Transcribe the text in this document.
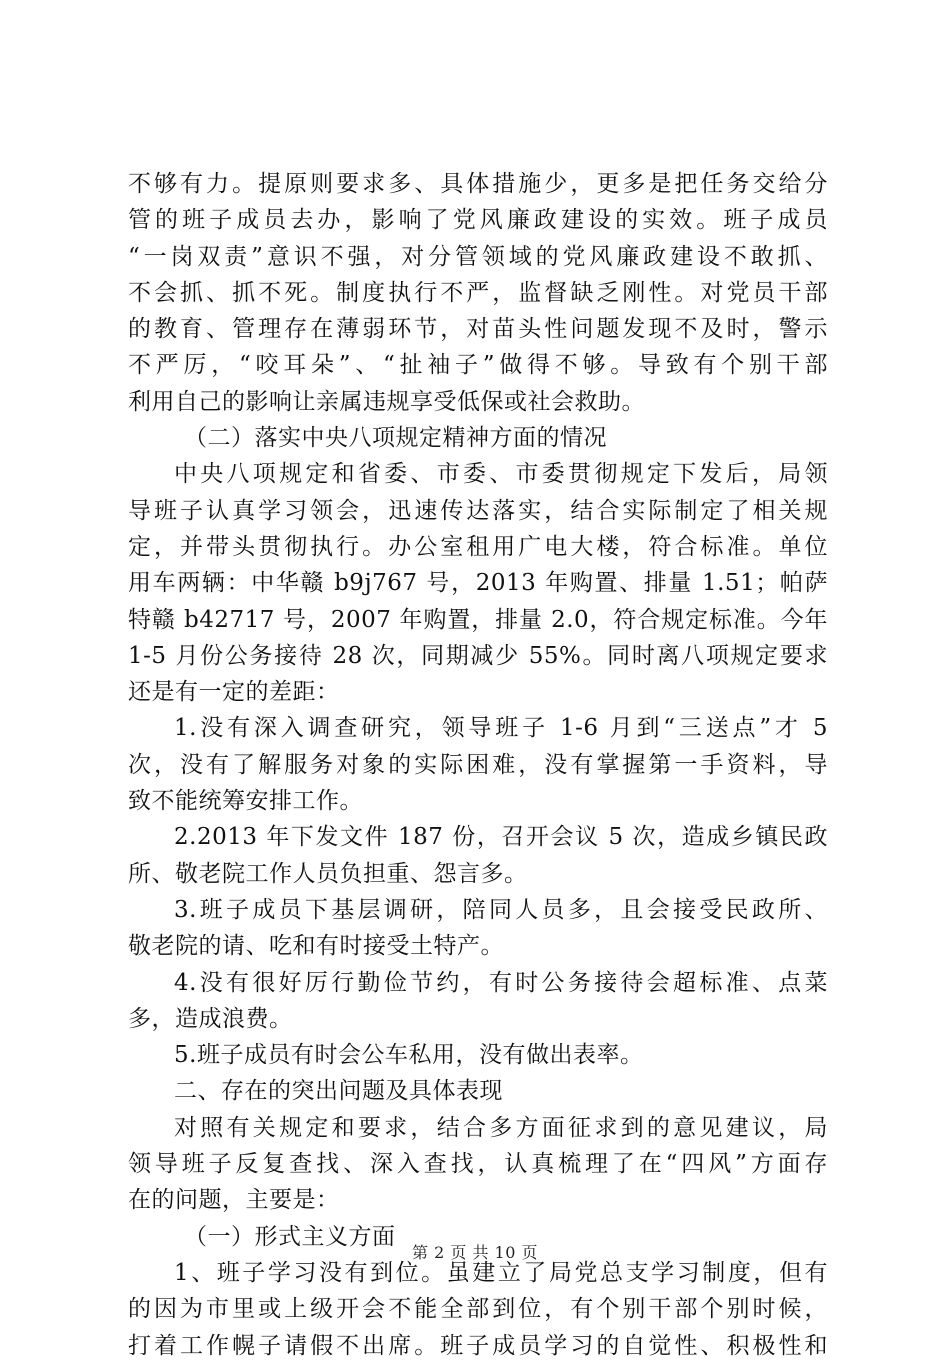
不够有力。提原则要求多、具体措施少，更多是把任务交给分
管的班子成员去办，影响了党风廉政建设的实效。班子成员
“一岗双责”意识不强，对分管领域的党风廉政建设不敢抓、
不会抓、抓不死。制度执行不严，监督缺乏刚性。对党员干部
的教育、管理存在薄弱环节，对苗头性问题发现不及时，警示
不严厉，“咬耳朵”、“扯袖子”做得不够。导致有个别干部
利用自己的影响让亲属违规享受低保或社会救助。
（二）落实中央八项规定精神方面的情况
中央八项规定和省委、市委、市委贯彻规定下发后，局领
导班子认真学习领会，迅速传达落实，结合实际制定了相关规
定，并带头贯彻执行。办公室租用广电大楼，符合标准。单位
用车两辆：中华赣 b9j767 号，2013 年购置、排量 1.51；帕萨
特赣 b42717 号，2007 年购置，排量 2.0，符合规定标准。今年
1-5 月份公务接待 28 次，同期减少 55%。同时离八项规定要求
还是有一定的差距：
1.没有深入调查研究，领导班子 1-6 月到“三送点”才 5
次，没有了解服务对象的实际困难，没有掌握第一手资料，导
致不能统筹安排工作。
2.2013 年下发文件 187 份，召开会议 5 次，造成乡镇民政
所、敬老院工作人员负担重、怨言多。
3.班子成员下基层调研，陪同人员多，且会接受民政所、
敬老院的请、吃和有时接受土特产。
4.没有很好厉行勤俭节约，有时公务接待会超标准、点菜
多，造成浪费。
5.班子成员有时会公车私用，没有做出表率。
二、存在的突出问题及具体表现
对照有关规定和要求，结合多方面征求到的意见建议，局
领导班子反复查找、深入查找，认真梳理了在“四风”方面存
在的问题，主要是：
（一）形式主义方面
1、班子学习没有到位。虽建立了局党总支学习制度，但有
的因为市里或上级开会不能全部到位，有个别干部个别时候，
打着工作幌子请假不出席。班子成员学习的自觉性、积极性和
第 2 页 共 10 页
